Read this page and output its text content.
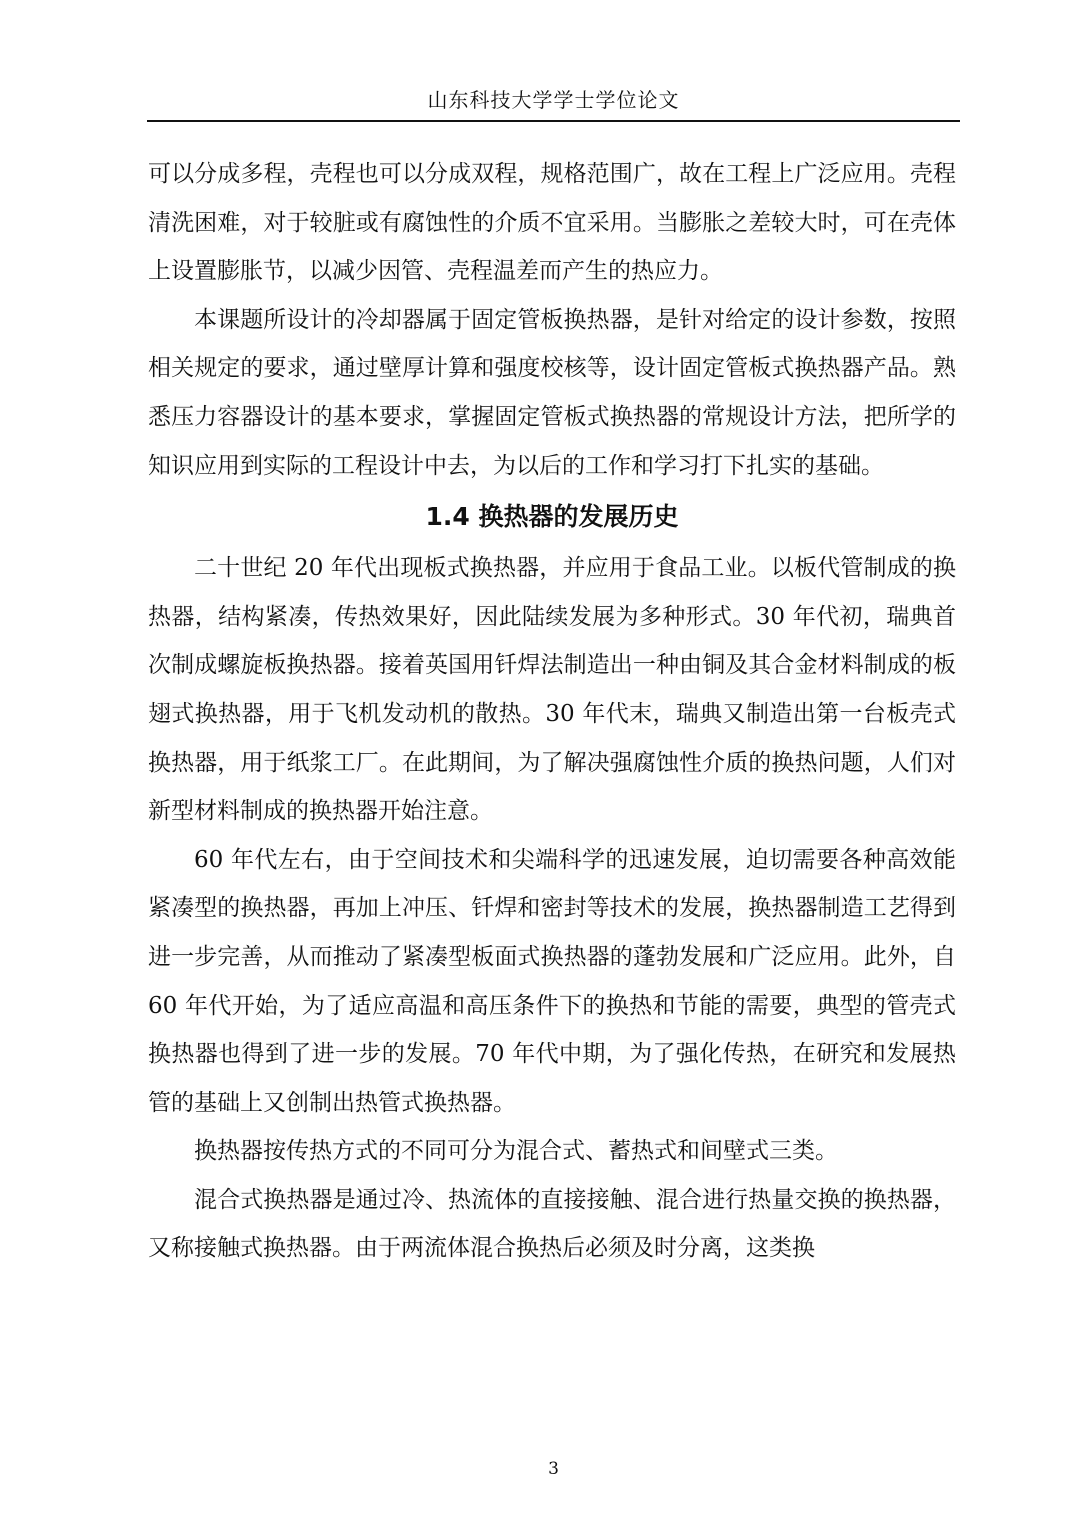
山东科技大学学士学位论文

可以分成多程，壳程也可以分成双程，规格范围广，故在工程上广泛应用。壳程清洗困难，对于较脏或有腐蚀性的介质不宜采用。当膨胀之差较大时，可在壳体上设置膨胀节，以减少因管、壳程温差而产生的热应力。

本课题所设计的冷却器属于固定管板换热器，是针对给定的设计参数，按照相关规定的要求，通过壁厚计算和强度校核等，设计固定管板式换热器产品。熟悉压力容器设计的基本要求，掌握固定管板式换热器的常规设计方法，把所学的知识应用到实际的工程设计中去，为以后的工作和学习打下扎实的基础。

1.4 换热器的发展历史

二十世纪 20 年代出现板式换热器，并应用于食品工业。以板代管制成的换热器，结构紧凑，传热效果好，因此陆续发展为多种形式。30 年代初，瑞典首次制成螺旋板换热器。接着英国用钎焊法制造出一种由铜及其合金材料制成的板翅式换热器，用于飞机发动机的散热。30 年代末，瑞典又制造出第一台板壳式换热器，用于纸浆工厂。在此期间，为了解决强腐蚀性介质的换热问题，人们对新型材料制成的换热器开始注意。

60 年代左右，由于空间技术和尖端科学的迅速发展，迫切需要各种高效能紧凑型的换热器，再加上冲压、钎焊和密封等技术的发展，换热器制造工艺得到进一步完善，从而推动了紧凑型板面式换热器的蓬勃发展和广泛应用。此外，自 60 年代开始，为了适应高温和高压条件下的换热和节能的需要，典型的管壳式换热器也得到了进一步的发展。70 年代中期，为了强化传热，在研究和发展热管的基础上又创制出热管式换热器。

换热器按传热方式的不同可分为混合式、蓄热式和间壁式三类。

混合式换热器是通过冷、热流体的直接接触、混合进行热量交换的换热器，又称接触式换热器。由于两流体混合换热后必须及时分离，这类换

3
